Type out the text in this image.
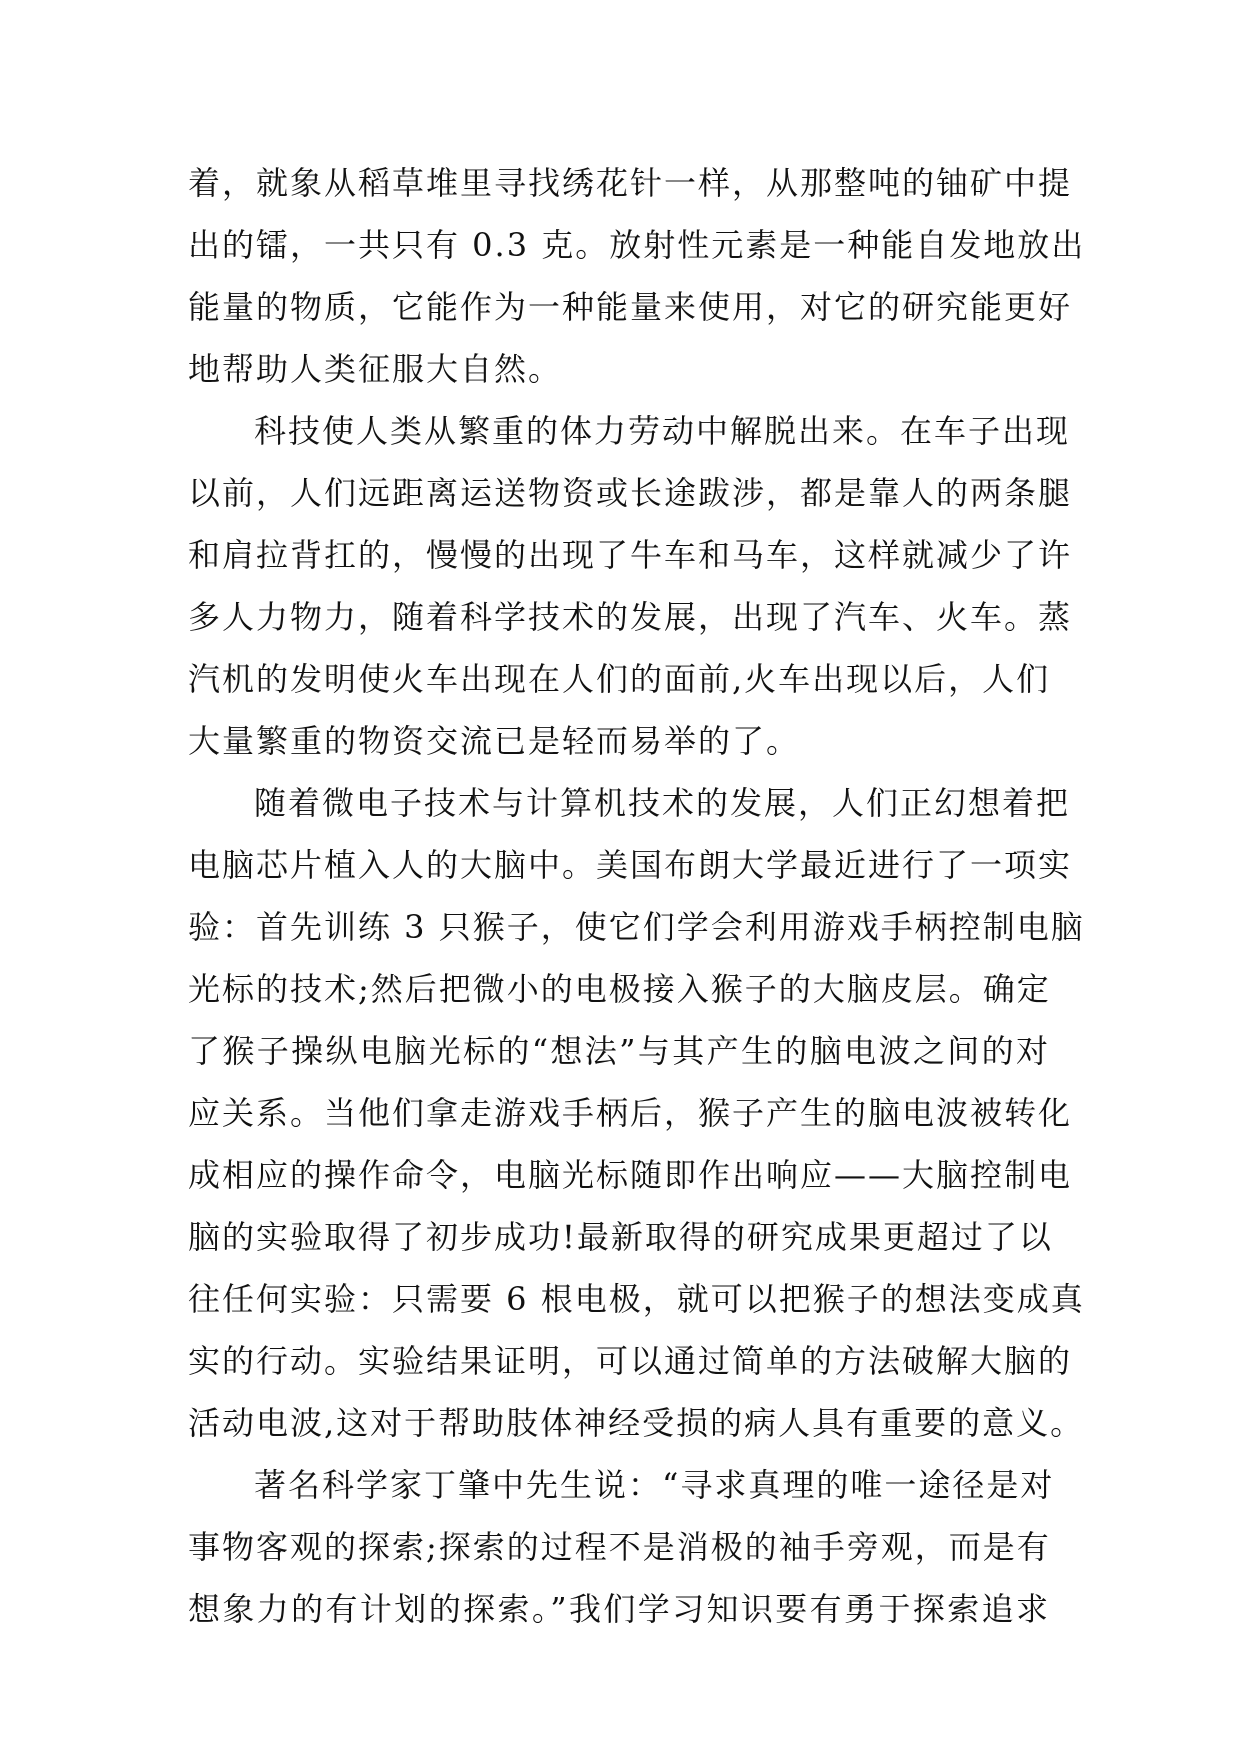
着，就象从稻草堆里寻找绣花针一样，从那整吨的铀矿中提
出的镭，一共只有 0.3 克。放射性元素是一种能自发地放出
能量的物质，它能作为一种能量来使用，对它的研究能更好
地帮助人类征服大自然。
科技使人类从繁重的体力劳动中解脱出来。在车子出现
以前，人们远距离运送物资或长途跋涉，都是靠人的两条腿
和肩拉背扛的，慢慢的出现了牛车和马车，这样就减少了许
多人力物力，随着科学技术的发展，出现了汽车、火车。蒸
汽机的发明使火车出现在人们的面前,火车出现以后，人们
大量繁重的物资交流已是轻而易举的了。
随着微电子技术与计算机技术的发展，人们正幻想着把
电脑芯片植入人的大脑中。美国布朗大学最近进行了一项实
验：首先训练 3 只猴子，使它们学会利用游戏手柄控制电脑
光标的技术;然后把微小的电极接入猴子的大脑皮层。确定
了猴子操纵电脑光标的“想法”与其产生的脑电波之间的对
应关系。当他们拿走游戏手柄后，猴子产生的脑电波被转化
成相应的操作命令，电脑光标随即作出响应——大脑控制电
脑的实验取得了初步成功!最新取得的研究成果更超过了以
往任何实验：只需要 6 根电极，就可以把猴子的想法变成真
实的行动。实验结果证明，可以通过简单的方法破解大脑的
活动电波,这对于帮助肢体神经受损的病人具有重要的意义。
著名科学家丁肇中先生说：“寻求真理的唯一途径是对
事物客观的探索;探索的过程不是消极的袖手旁观，而是有
想象力的有计划的探索。”我们学习知识要有勇于探索追求
